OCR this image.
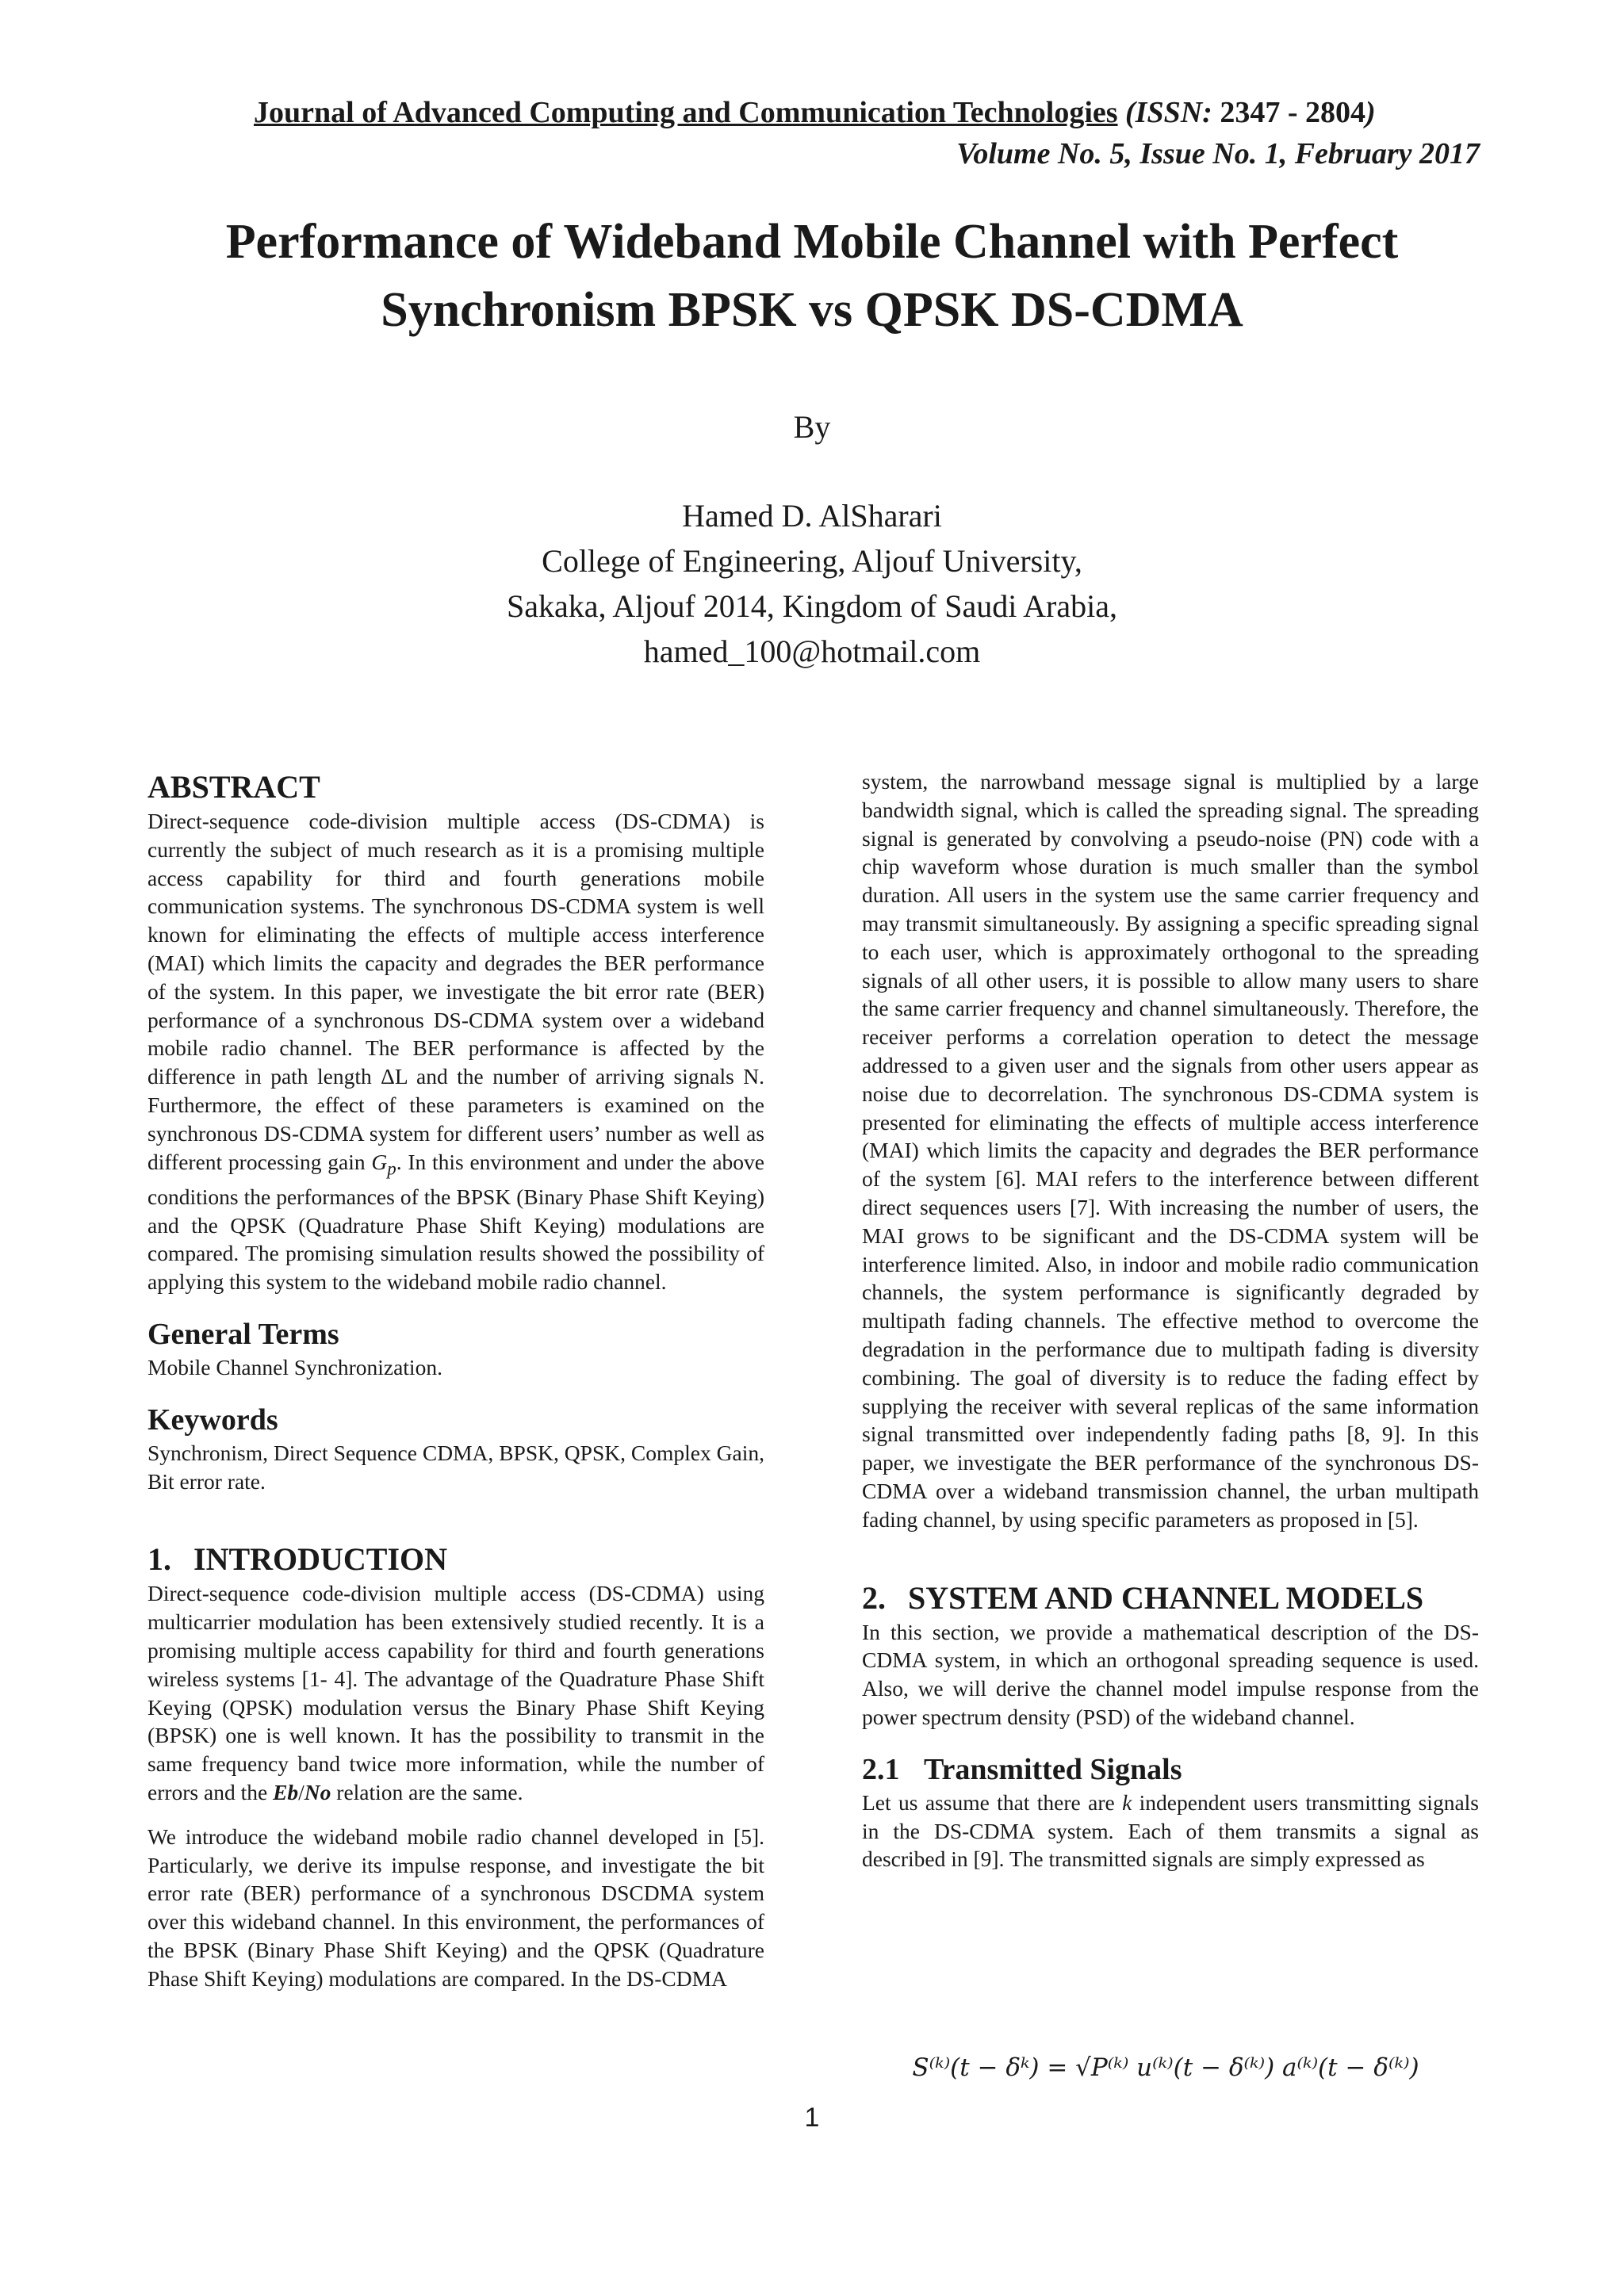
Journal of Advanced Computing and Communication Technologies (ISSN: 2347 - 2804)
Volume No. 5, Issue No. 1, February 2017
Performance of Wideband Mobile Channel with Perfect
Synchronism BPSK vs QPSK DS-CDMA
By
Hamed D. AlSharari
College of Engineering, Aljouf University,
Sakaka, Aljouf 2014, Kingdom of Saudi Arabia,
hamed_100@hotmail.com
ABSTRACT

Direct-sequence code-division multiple access (DS-CDMA) is currently the subject of much research as it is a promising multiple access capability for third and fourth generations mobile communication systems. The synchronous DS-CDMA system is well known for eliminating the effects of multiple access interference (MAI) which limits the capacity and degrades the BER performance of the system. In this paper, we investigate the bit error rate (BER) performance of a synchronous DS-CDMA system over a wideband mobile radio channel. The BER performance is affected by the difference in path length ΔL and the number of arriving signals N. Furthermore, the effect of these parameters is examined on the synchronous DS-CDMA system for different users’ number as well as different processing gain $G_p$. In this environment and under the above conditions the performances of the BPSK (Binary Phase Shift Keying) and the QPSK (Quadrature Phase Shift Keying) modulations are compared. The promising simulation results showed the possibility of applying this system to the wideband mobile radio channel.

General Terms

Mobile Channel Synchronization.

Keywords

Synchronism, Direct Sequence CDMA, BPSK, QPSK, Complex Gain, Bit error rate.

1. INTRODUCTION

Direct-sequence code-division multiple access (DS-CDMA) using multicarrier modulation has been extensively studied recently. It is a promising multiple access capability for third and fourth generations wireless systems [1- 4]. The advantage of the Quadrature Phase Shift Keying (QPSK) modulation versus the Binary Phase Shift Keying (BPSK) one is well known. It has the possibility to transmit in the same frequency band twice more information, while the number of errors and the Eb/No relation are the same.

We introduce the wideband mobile radio channel developed in [5]. Particularly, we derive its impulse response, and investigate the bit error rate (BER) performance of a synchronous DSCDMA system over this wideband channel. In this environment, the performances of the BPSK (Binary Phase Shift Keying) and the QPSK (Quadrature Phase Shift Keying) modulations are compared. In the DS-CDMA

system, the narrowband message signal is multiplied by a large bandwidth signal, which is called the spreading signal. The spreading signal is generated by convolving a pseudo-noise (PN) code with a chip waveform whose duration is much smaller than the symbol duration. All users in the system use the same carrier frequency and may transmit simultaneously. By assigning a specific spreading signal to each user, which is approximately orthogonal to the spreading signals of all other users, it is possible to allow many users to share the same carrier frequency and channel simultaneously. Therefore, the receiver performs a correlation operation to detect the message addressed to a given user and the signals from other users appear as noise due to decorrelation. The synchronous DS-CDMA system is presented for eliminating the effects of multiple access interference (MAI) which limits the capacity and degrades the BER performance of the system [6]. MAI refers to the interference between different direct sequences users [7]. With increasing the number of users, the MAI grows to be significant and the DS-CDMA system will be interference limited. Also, in indoor and mobile radio communication channels, the system performance is significantly degraded by multipath fading channels. The effective method to overcome the degradation in the performance due to multipath fading is diversity combining. The goal of diversity is to reduce the fading effect by supplying the receiver with several replicas of the same information signal transmitted over independently fading paths [8, 9]. In this paper, we investigate the BER performance of the synchronous DS-CDMA over a wideband transmission channel, the urban multipath fading channel, by using specific parameters as proposed in [5].

2. SYSTEM AND CHANNEL MODELS

In this section, we provide a mathematical description of the DS-CDMA system, in which an orthogonal spreading sequence is used. Also, we will derive the channel model impulse response from the power spectrum density (PSD) of the wideband channel.

2.1 Transmitted Signals

Let us assume that there are k independent users transmitting signals in the DS-CDMA system. Each of them transmits a signal as described in [9]. The transmitted signals are simply expressed as

S⁽ᵏ⁾(t − δᵏ) = √P⁽ᵏ⁾ u⁽ᵏ⁾(t − δ⁽ᵏ⁾) a⁽ᵏ⁾(t − δ⁽ᵏ⁾)
1
